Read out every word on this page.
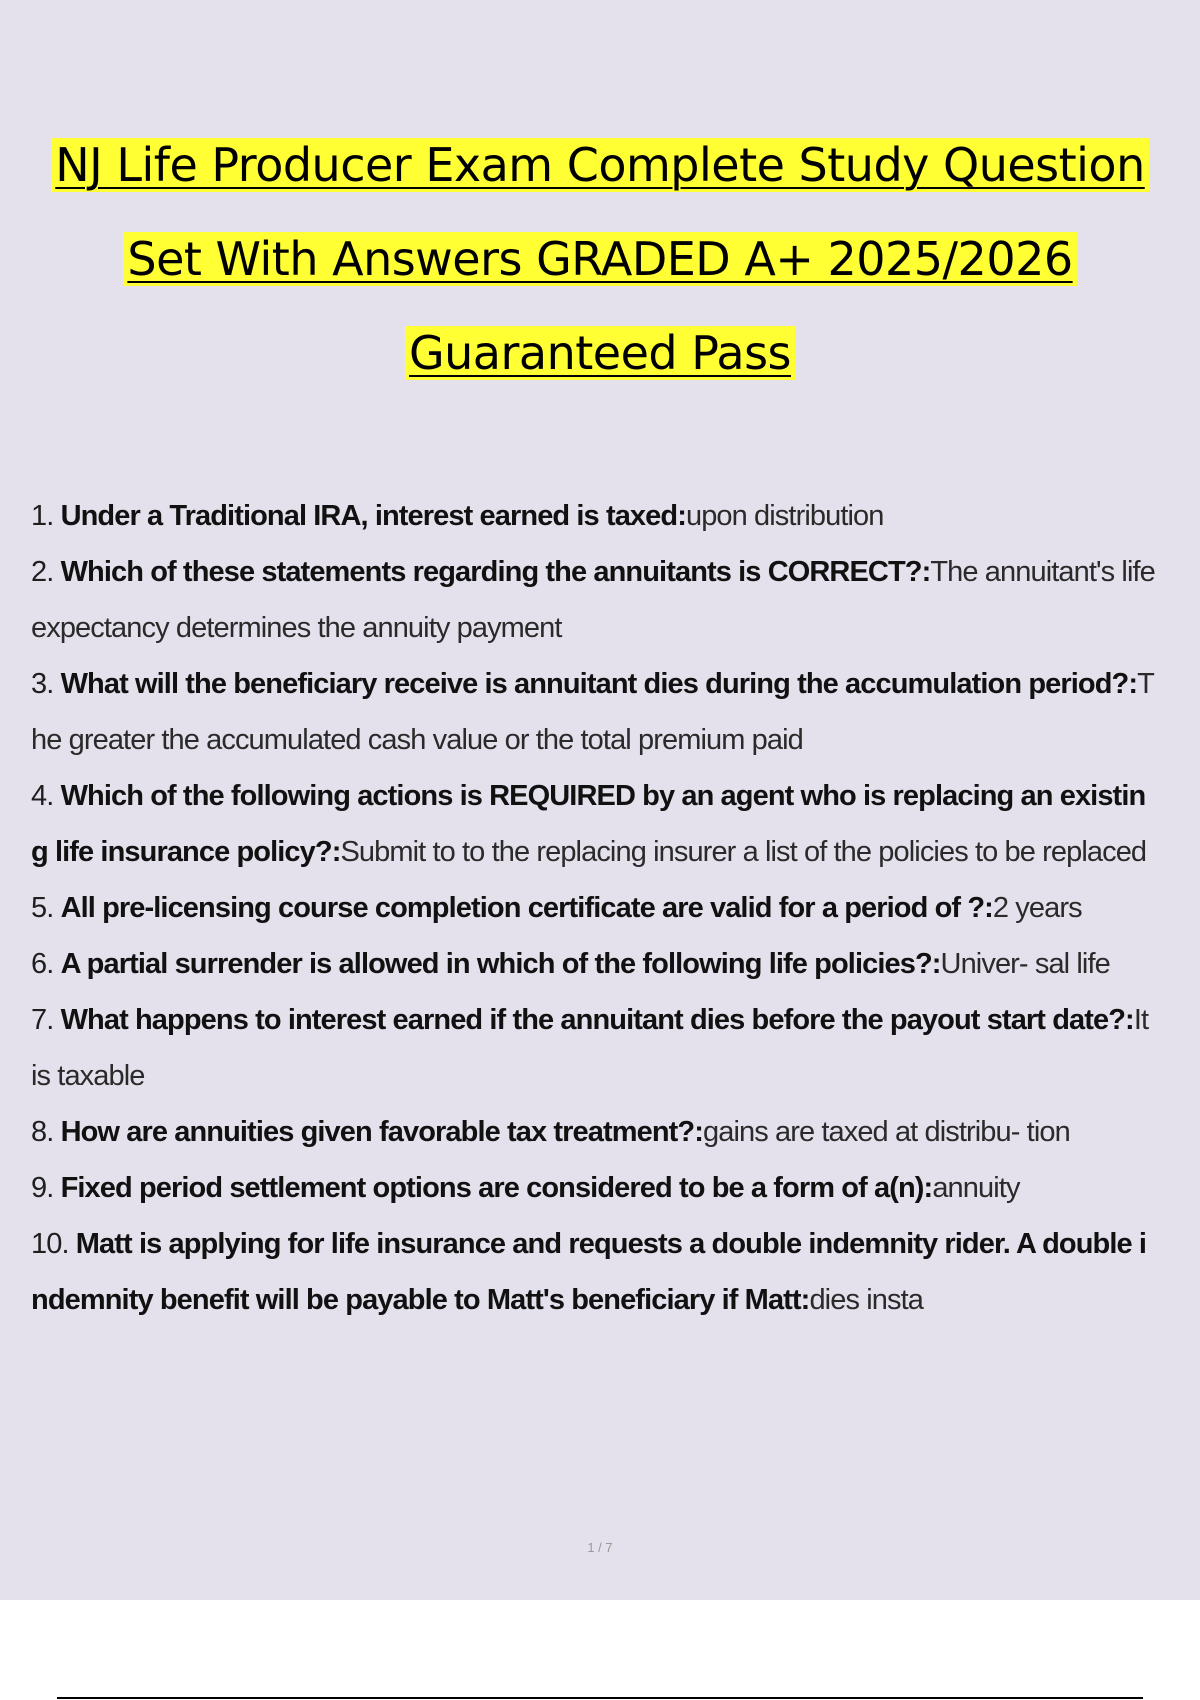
NJ Life Producer Exam Complete Study Question
Set With Answers GRADED A+ 2025/2026
Guaranteed Pass
1. Under a Traditional IRA, interest earned is taxed:upon distribution
2. Which of these statements regarding the annuitants is CORRECT?:The annuitant's life expectancy determines the annuity payment
3. What will the beneficiary receive is annuitant dies during the accumulation period?:The greater the accumulated cash value or the total premium paid
4. Which of the following actions is REQUIRED by an agent who is replacing an existing life insurance policy?:Submit to to the replacing insurer a list of the policies to be replaced
5. All pre-licensing course completion certificate are valid for a period of ?:2 years
6. A partial surrender is allowed in which of the following life policies?:Univer- sal life
7. What happens to interest earned if the annuitant dies before the payout start date?:It is taxable
8. How are annuities given favorable tax treatment?:gains are taxed at distribu- tion
9. Fixed period settlement options are considered to be a form of a(n):annuity
10. Matt is applying for life insurance and requests a double indemnity rider. A double indemnity benefit will be payable to Matt's beneficiary if Matt:dies insta
1 / 7
